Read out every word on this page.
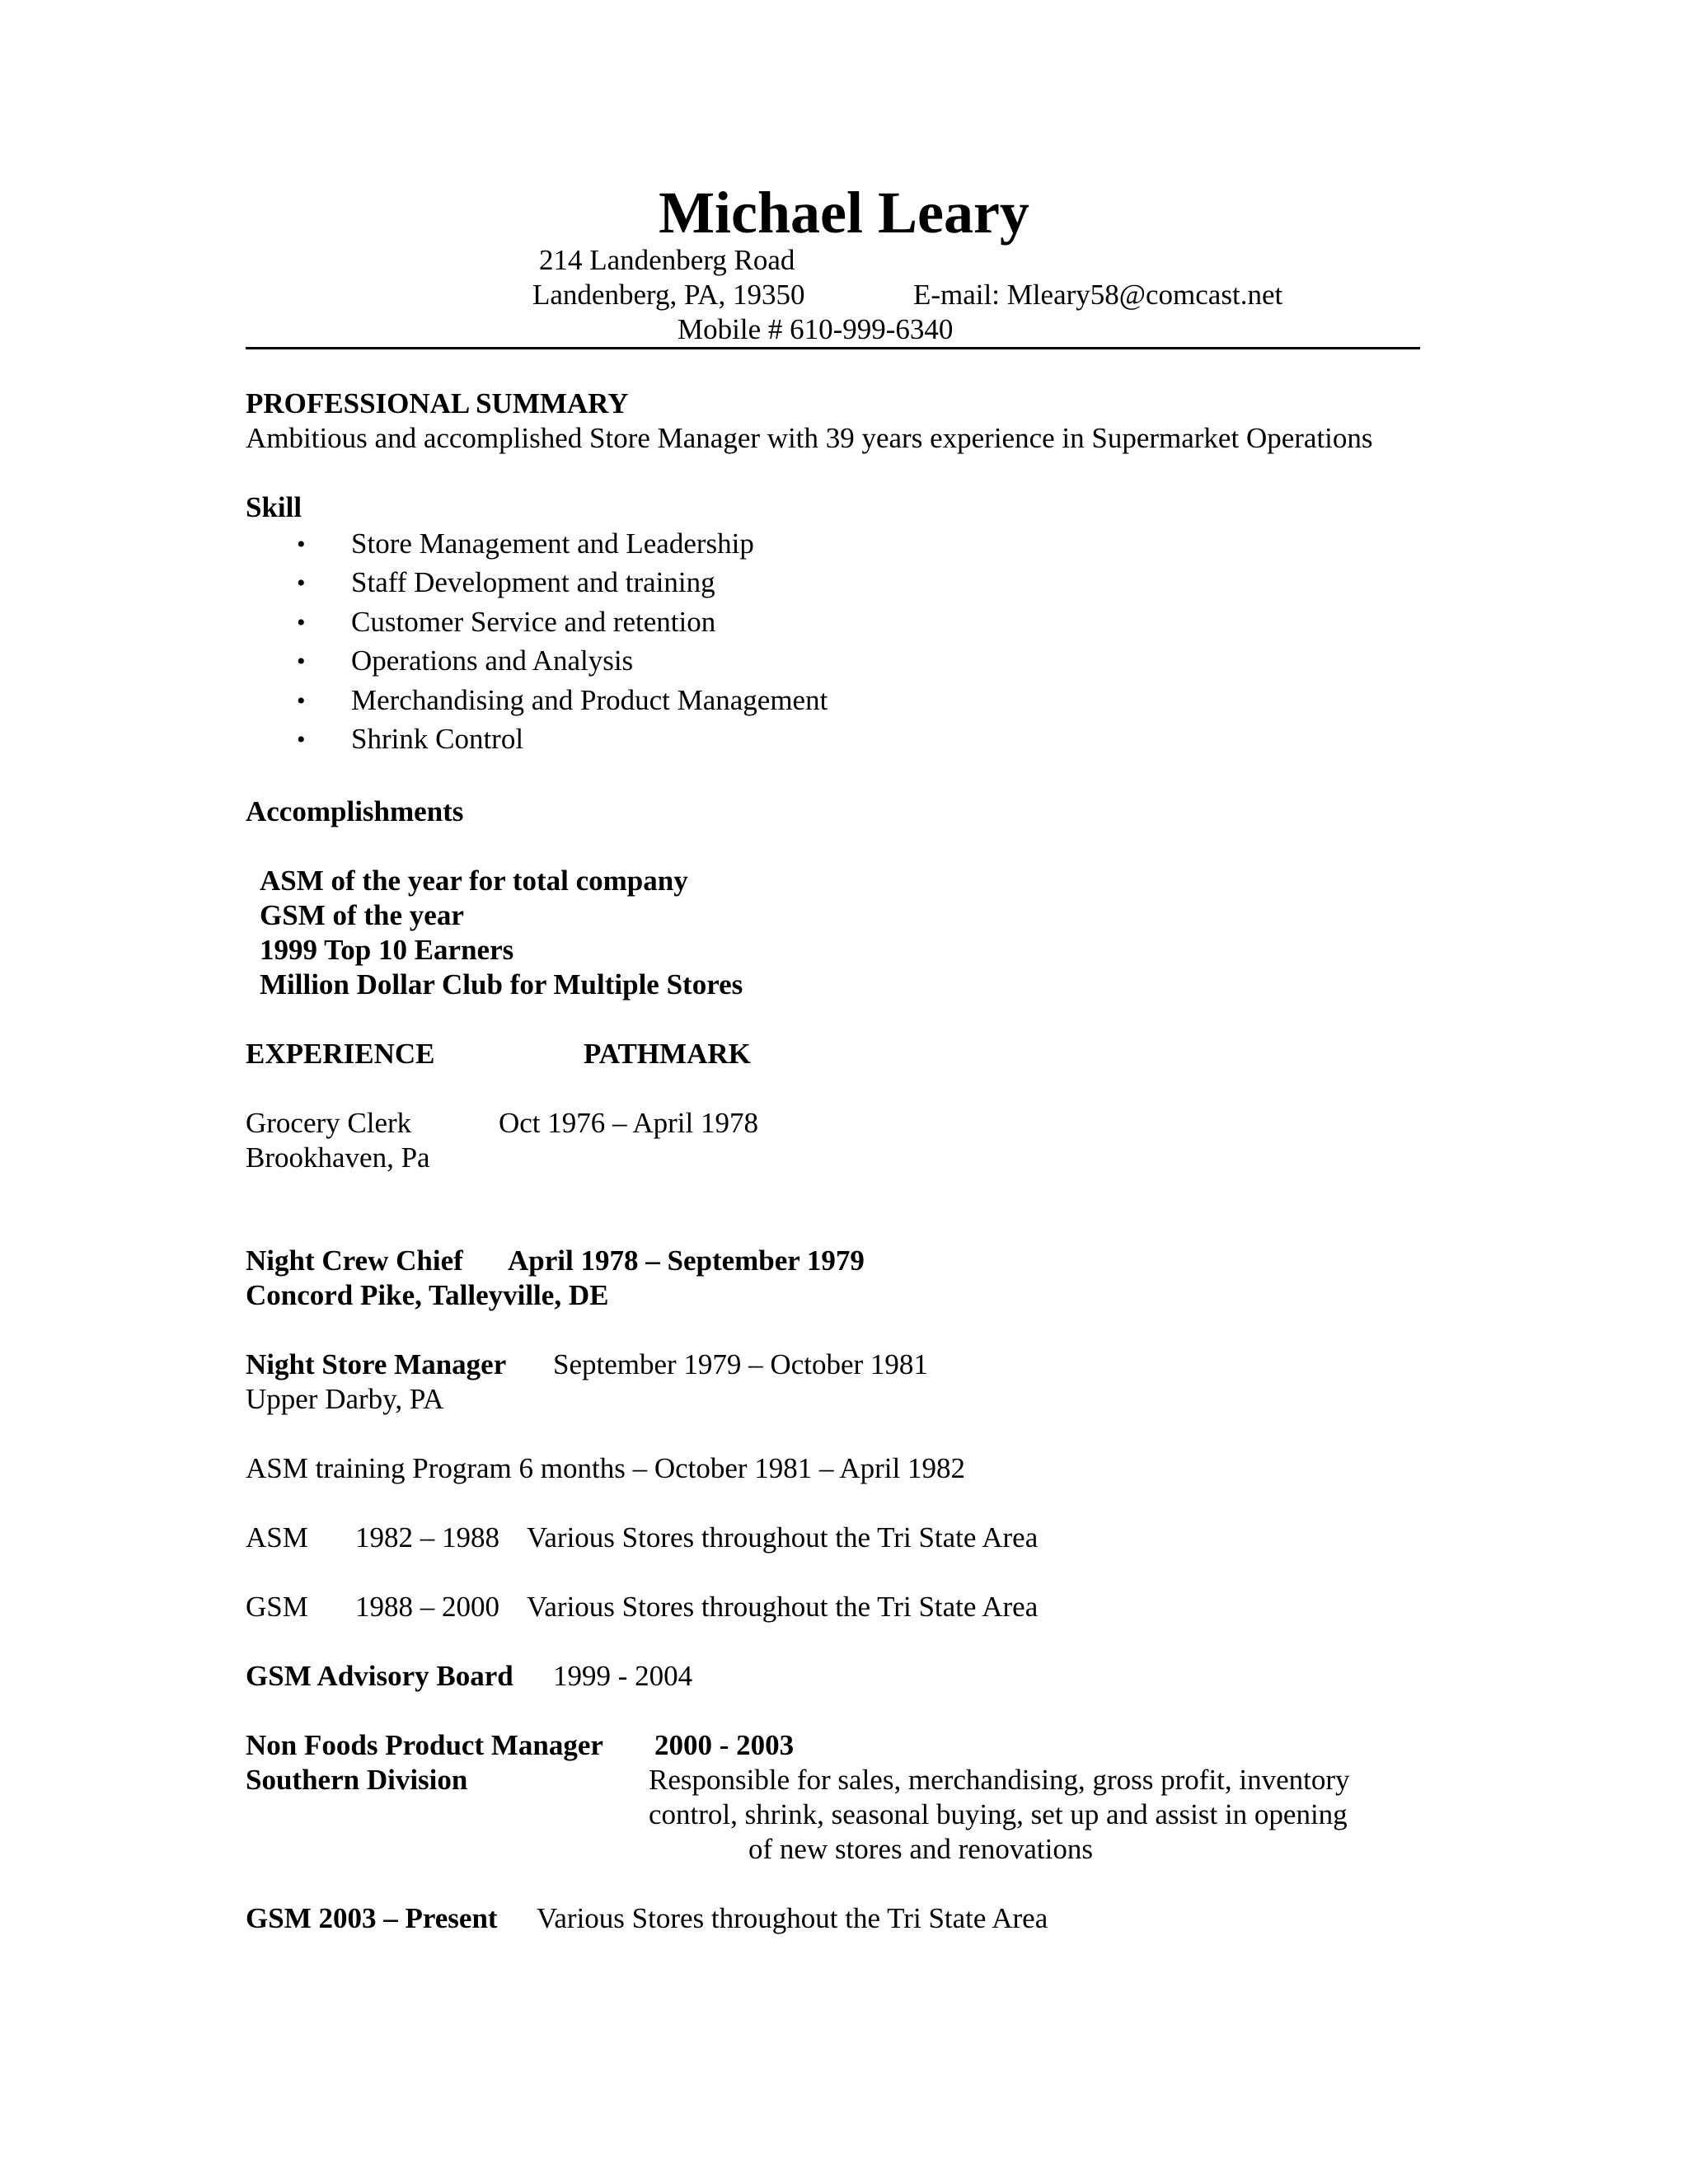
Michael Leary
214 Landenberg Road
Landenberg, PA, 19350	E-mail: Mleary58@comcast.net
Mobile # 610-999-6340
PROFESSIONAL SUMMARY
Ambitious and accomplished Store Manager with 39 years experience in Supermarket Operations
Skill
• Store Management and Leadership
• Staff Development and training
• Customer Service and retention
• Operations and Analysis
• Merchandising and Product Management
• Shrink Control
Accomplishments
ASM of the year for total company
GSM of the year
1999 Top 10 Earners
Million Dollar Club for Multiple Stores
EXPERIENCE	PATHMARK
Grocery Clerk	Oct 1976 – April 1978
Brookhaven, Pa
Night Crew Chief April 1978 – September 1979
Concord Pike, Talleyville, DE
Night Store Manager September 1979 – October 1981
Upper Darby, PA
ASM training Program 6 months – October 1981 – April 1982
ASM 1982 – 1988 Various Stores throughout the Tri State Area
GSM 1988 – 2000 Various Stores throughout the Tri State Area
GSM Advisory Board 1999 - 2004
Non Foods Product Manager 2000 - 2003
Southern Division	Responsible for sales, merchandising, gross profit, inventory
control, shrink, seasonal buying, set up and assist in opening
of new stores and renovations
GSM 2003 – Present Various Stores throughout the Tri State Area
